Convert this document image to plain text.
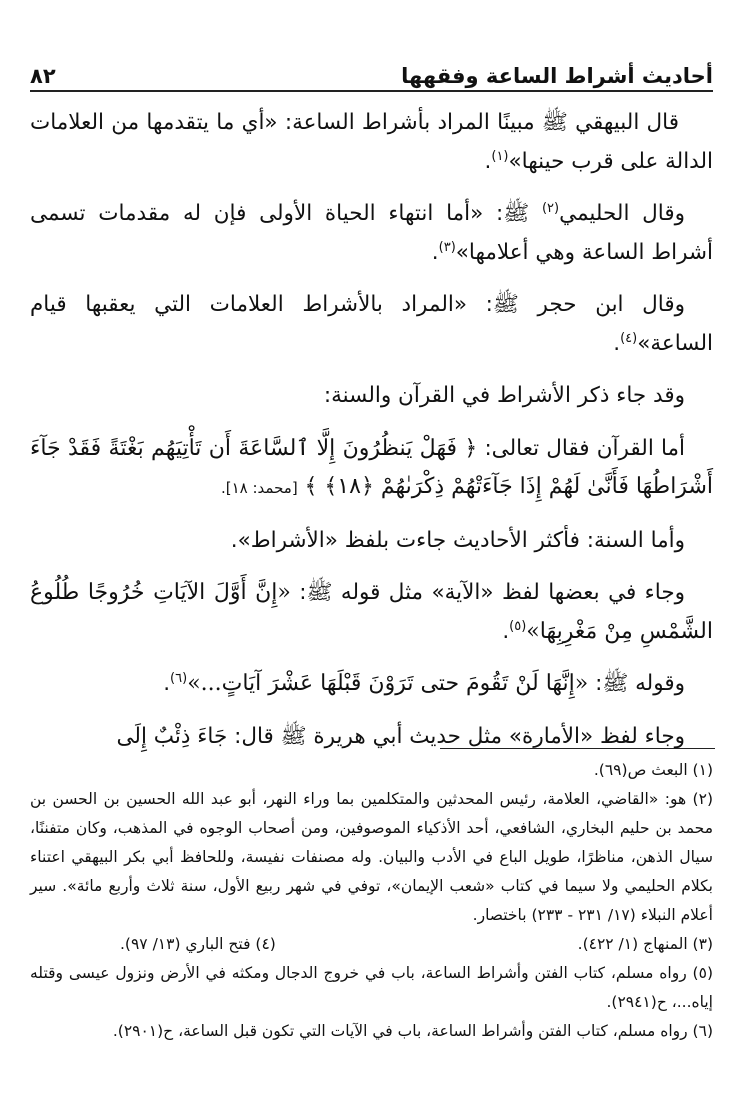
أحاديث أشراط الساعة وفقهها
٨٢

قال البيهقي ﷺ مبينًا المراد بأشراط الساعة: «أي ما يتقدمها من العلامات الدالة على قرب حينها»$^{(١)}$.

وقال الحليمي$^{(٢)}$ ﷺ: «أما انتهاء الحياة الأولى فإن له مقدمات تسمى أشراط الساعة وهي أعلامها»$^{(٣)}$.

وقال ابن حجر ﷺ: «المراد بالأشراط العلامات التي يعقبها قيام الساعة»$^{(٤)}$.

وقد جاء ذكر الأشراط في القرآن والسنة:

أما القرآن فقال تعالى: ﴿ فَهَلْ يَنظُرُونَ إِلَّا ٱلسَّاعَةَ أَن تَأْتِيَهُم بَغْتَةً فَقَدْ جَآءَ أَشْرَاطُهَا فَأَنَّىٰ لَهُمْ إِذَا جَآءَتْهُمْ ذِكْرَىٰهُمْ ﴿١٨﴾ ﴾ [محمد: ١٨].

وأما السنة: فأكثر الأحاديث جاءت بلفظ «الأشراط».

وجاء في بعضها لفظ «الآية» مثل قوله ﷺ: «إِنَّ أَوَّلَ الآيَاتِ خُرُوجًا طُلُوعُ الشَّمْسِ مِنْ مَغْرِبِهَا»$^{(٥)}$.

وقوله ﷺ: «إِنَّهَا لَنْ تَقُومَ حتى تَرَوْنَ قَبْلَهَا عَشْرَ آيَاتٍ...»$^{(٦)}$.

وجاء لفظ «الأمارة» مثل حديث أبي هريرة ﷺ قال: جَاءَ ذِئْبٌ إِلَى

(١) البعث ص(٦٩).

(٢) هو: «القاضي، العلامة، رئيس المحدثين والمتكلمين بما وراء النهر، أبو عبد الله الحسين بن الحسن بن محمد بن حليم البخاري، الشافعي، أحد الأذكياء الموصوفين، ومن أصحاب الوجوه في المذهب، وكان متفننًا، سيال الذهن، مناظرًا، طويل الباع في الأدب والبيان. وله مصنفات نفيسة، وللحافظ أبي بكر البيهقي اعتناء بكلام الحليمي ولا سيما في كتاب «شعب الإيمان»، توفي في شهر ربيع الأول، سنة ثلاث وأربع مائة». سير أعلام النبلاء (١٧/ ٢٣١ - ٢٣٣) باختصار.

(٣) المنهاج (١/ ٤٢٢).
(٤) فتح الباري (١٣/ ٩٧).

(٥) رواه مسلم، كتاب الفتن وأشراط الساعة، باب في خروج الدجال ومكثه في الأرض ونزول عيسى وقتله إياه...، ح(٢٩٤١).

(٦) رواه مسلم، كتاب الفتن وأشراط الساعة، باب في الآيات التي تكون قبل الساعة، ح(٢٩٠١).
